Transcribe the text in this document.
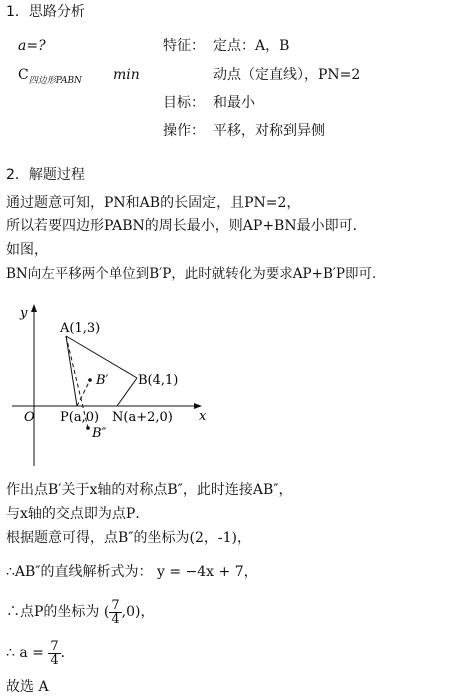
1．思路分析
a=?
$C_{四边形PABN}$ min
特征： 定点：A，B
动点（定直线），PN=2
目标： 和最小
操作： 平移，对称到异侧
2．解题过程
通过题意可知，PN和AB的长固定，且PN=2，
所以若要四边形PABN的周长最小，则AP+BN最小即可．
如图，
BN向左平移两个单位到B′P，此时就转化为要求AP+B′P即可．
y
x
O
A(1,3)
B(4,1)
B′
P(a,0) N(a+2,0)
B″
作出点B′关于x轴的对称点B″，此时连接AB″，
与x轴的交点即为点P．
根据题意可得，点B″的坐标为(2，-1)，
∴AB″的直线解析式为： y = −4x + 7，
∴点P的坐标为 ( $\frac{7}{4} ,0$)，
∴ $a = \frac{7}{4}$ ．
故选 A
